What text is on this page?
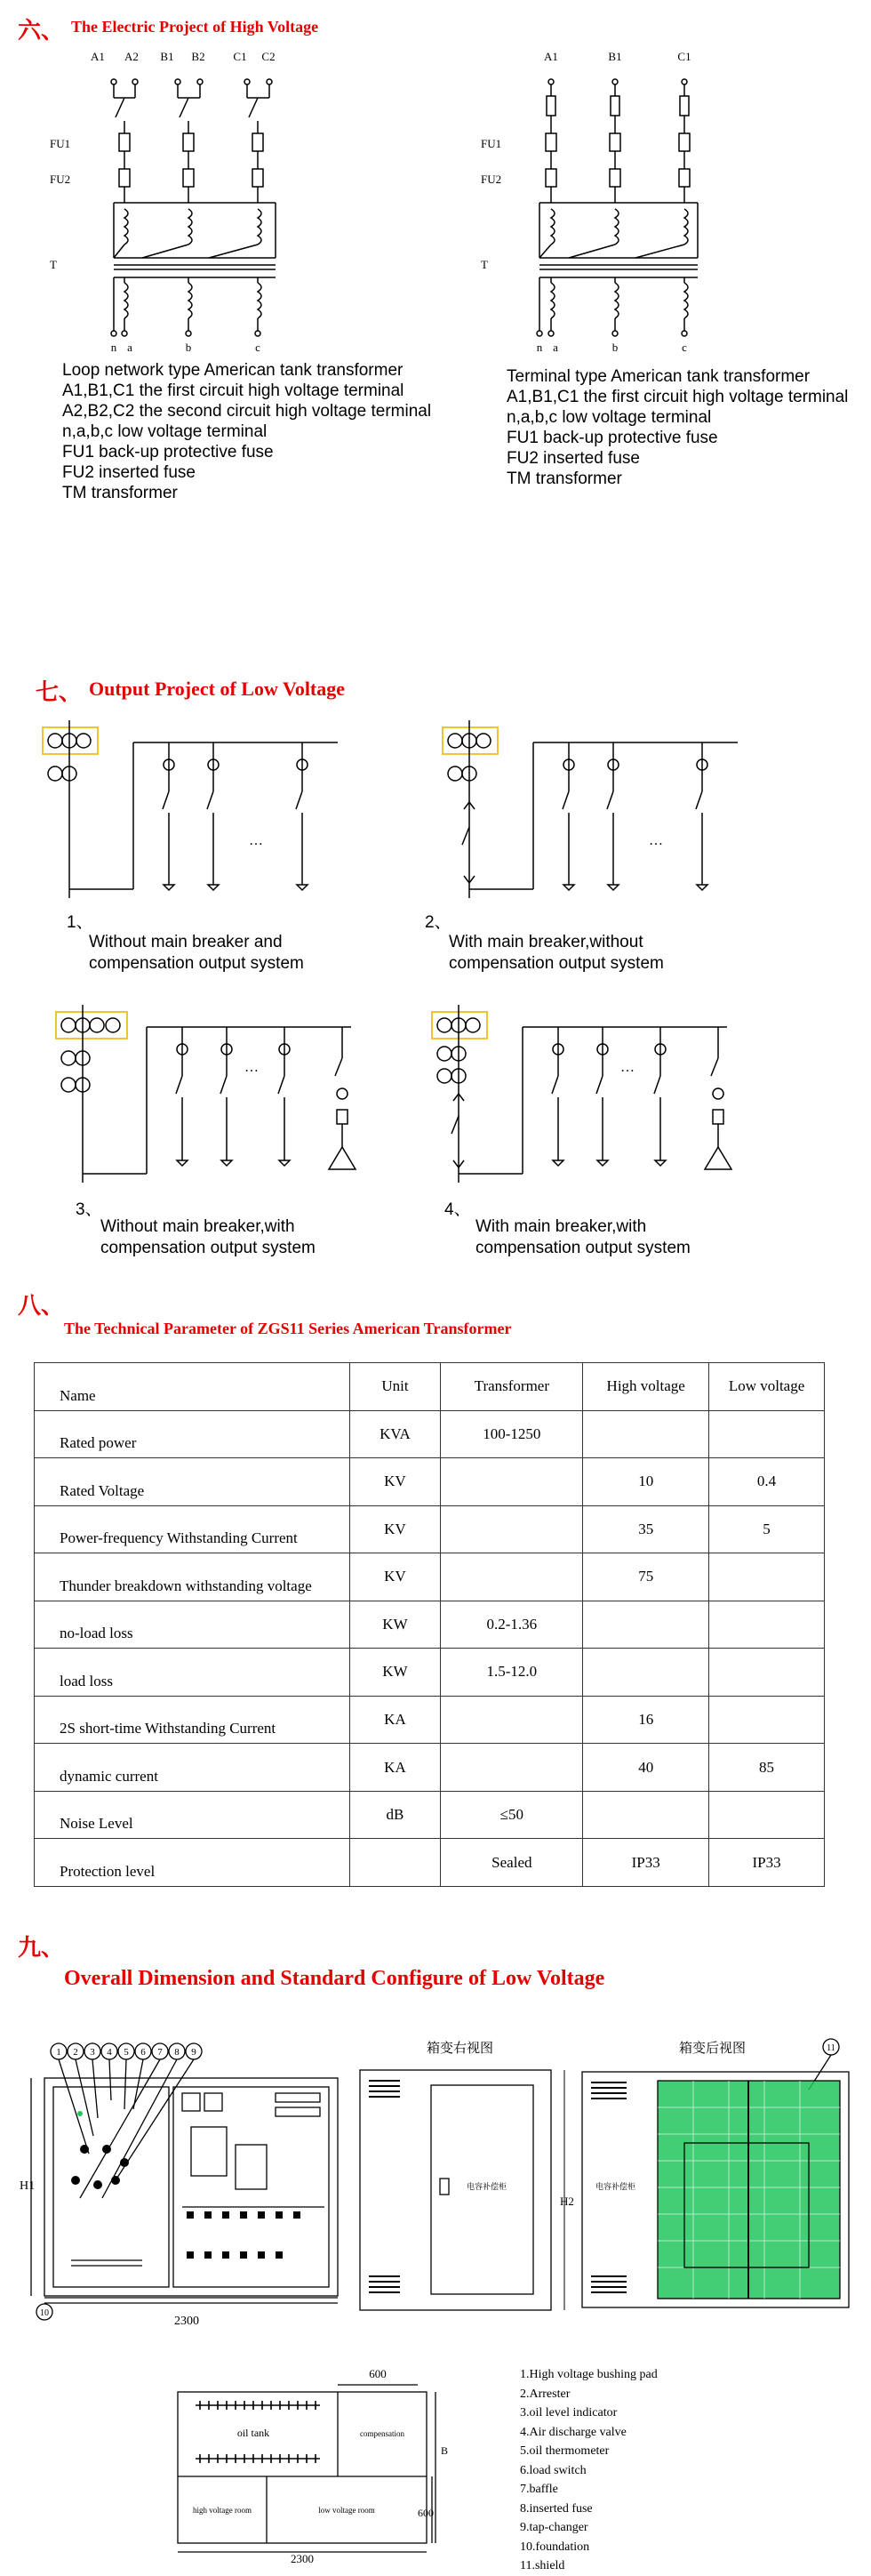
六、 The Electric Project of High Voltage
A1 A2 B1 B2 C1 C2
FU1
FU2
T
n a	b	c
A1	B1	C1
FU1
FU2
T
n a	b	c
Loop network type American tank transformer
A1,B1,C1 the first circuit high voltage terminal
A2,B2,C2 the second circuit high voltage terminal
n,a,b,c low voltage terminal
FU1 back-up protective fuse
FU2 inserted fuse
TM transformer
Terminal type American tank transformer
A1,B1,C1 the first circuit high voltage terminal
n,a,b,c low voltage terminal
FU1 back-up protective fuse
FU2 inserted fuse
TM transformer
七、 Output Project of Low Voltage
…
1、
Without main breaker and
compensation output system
…
2、
With main breaker,without
compensation output system
…
3、
Without main breaker,with
compensation output system
…
4、
With main breaker,with
compensation output system
八、
The Technical Parameter of ZGS11 Series American Transformer
Name	Unit	Transformer	High voltage	Low voltage
Rated power	KVA	100-1250		
Rated Voltage	KV		10	0.4
Power-frequency Withstanding Current	KV		35	5
Thunder breakdown withstanding voltage	KV		75	
no-load loss	KW	0.2-1.36		
load loss	KW	1.5-12.0		
2S short-time Withstanding Current	KA		16	
dynamic current	KA		40	85
Noise Level	dB	≤50		
Protection level		Sealed	IP33	IP33
九、
Overall Dimension and Standard Configure of Low Voltage
1 2 3 4 5 6 7 8 9
H1
10
2300
箱变右视图
电容补偿柜
H2
箱变后视图	11
电容补偿柜
600
oil tank	compensation
high voltage room	low voltage room
B
600
2300
1.High voltage bushing pad
2.Arrester
3.oil level indicator
4.Air discharge valve
5.oil thermometer
6.load switch
7.baffle
8.inserted fuse
9.tap-changer
10.foundation
11.shield
